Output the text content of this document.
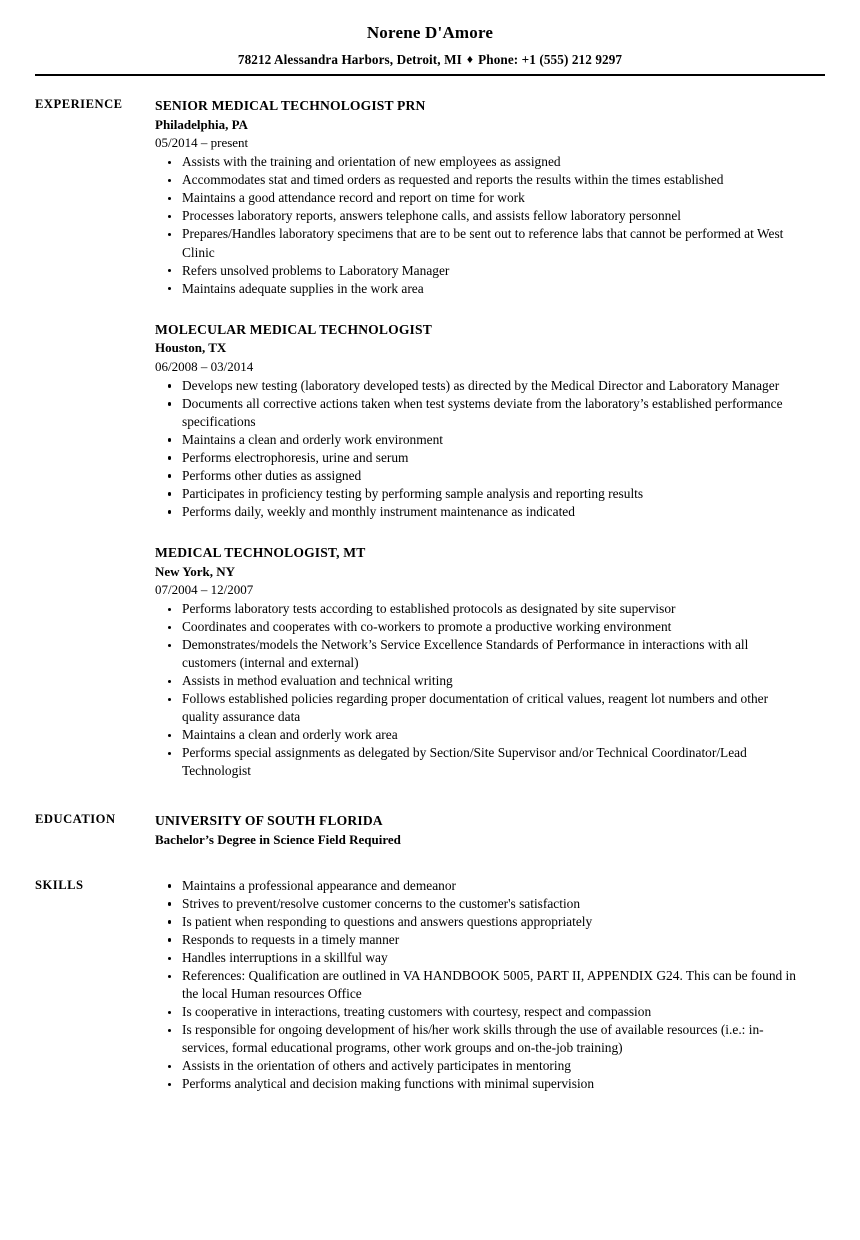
Norene D'Amore
78212 Alessandra Harbors, Detroit, MI ♦ Phone: +1 (555) 212 9297
EXPERIENCE	SENIOR MEDICAL TECHNOLOGIST PRN
Philadelphia, PA
05/2014 – present
Assists with the training and orientation of new employees as assigned
Accommodates stat and timed orders as requested and reports the results within the times established
Maintains a good attendance record and report on time for work
Processes laboratory reports, answers telephone calls, and assists fellow laboratory personnel
Prepares/Handles laboratory specimens that are to be sent out to reference labs that cannot be performed at West Clinic
Refers unsolved problems to Laboratory Manager
Maintains adequate supplies in the work area
MOLECULAR MEDICAL TECHNOLOGIST
Houston, TX
06/2008 – 03/2014
Develops new testing (laboratory developed tests) as directed by the Medical Director and Laboratory Manager
Documents all corrective actions taken when test systems deviate from the laboratory’s established performance specifications
Maintains a clean and orderly work environment
Performs electrophoresis, urine and serum
Performs other duties as assigned
Participates in proficiency testing by performing sample analysis and reporting results
Performs daily, weekly and monthly instrument maintenance as indicated
MEDICAL TECHNOLOGIST, MT
New York, NY
07/2004 – 12/2007
Performs laboratory tests according to established protocols as designated by site supervisor
Coordinates and cooperates with co-workers to promote a productive working environment
Demonstrates/models the Network’s Service Excellence Standards of Performance in interactions with all customers (internal and external)
Assists in method evaluation and technical writing
Follows established policies regarding proper documentation of critical values, reagent lot numbers and other quality assurance data
Maintains a clean and orderly work area
Performs special assignments as delegated by Section/Site Supervisor and/or Technical Coordinator/Lead Technologist
EDUCATION	UNIVERSITY OF SOUTH FLORIDA
Bachelor’s Degree in Science Field Required
SKILLS	Maintains a professional appearance and demeanor
Strives to prevent/resolve customer concerns to the customer's satisfaction
Is patient when responding to questions and answers questions appropriately
Responds to requests in a timely manner
Handles interruptions in a skillful way
References: Qualification are outlined in VA HANDBOOK 5005, PART II, APPENDIX G24. This can be found in the local Human resources Office
Is cooperative in interactions, treating customers with courtesy, respect and compassion
Is responsible for ongoing development of his/her work skills through the use of available resources (i.e.: in-services, formal educational programs, other work groups and on-the-job training)
Assists in the orientation of others and actively participates in mentoring
Performs analytical and decision making functions with minimal supervision
